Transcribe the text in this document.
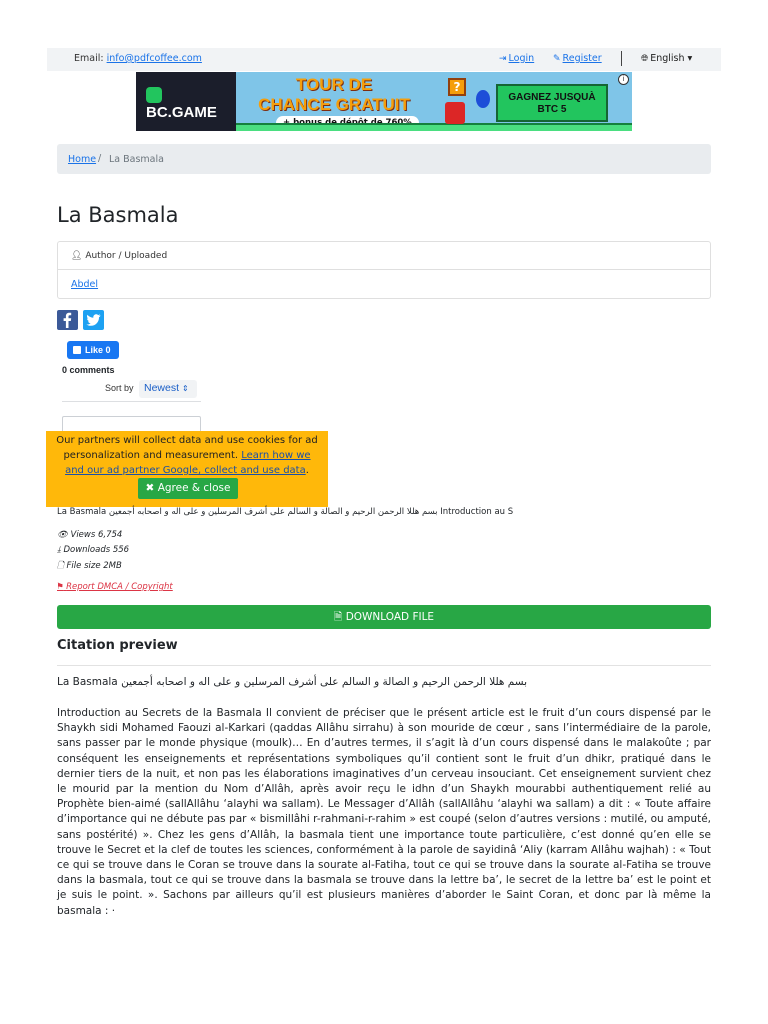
Email: info@pdfcoffee.com	⇥ Login ✎ Register	🌐︎ English ▾
BC.GAME
TOUR DE
CHANCE GRATUIT
?
GAGNEZ JUSQUÀ
BTC 5
i
Home / La Basmala
La Basmala
👤︎ Author / Uploaded
Abdel
Like 0
0 comments
Sort by Newest ⇕
Our partners will collect data and use cookies for ad personalization and measurement. Learn how we and our ad partner Google, collect and use data. ✖ Agree & close
La Basmala بسم هللا الرحمن الرحيم و الصالة و السالم على أشرف المرسلين و على اله و اصحابه أجمعين Introduction au S
👁︎ Views 6,754
⤓ Downloads 556
🗋︎ File size 2MB
⚑ Report DMCA / Copyright
🗎︎ DOWNLOAD FILE
Citation preview
La Basmala بسم هللا الرحمن الرحيم و الصالة و السالم على أشرف المرسلين و على اله و اصحابه أجمعين
Introduction au Secrets de la Basmala Il convient de préciser que le présent article est le fruit d’un cours dispensé par le Shaykh sidi Mohamed Faouzi al-Karkari (qaddas Allâhu sirrahu) à son mouride de cœur , sans l’intermédiaire de la parole, sans passer par le monde physique (moulk)… En d’autres termes, il s’agit là d’un cours dispensé dans le malakoûte ; par conséquent les enseignements et représentations symboliques qu’il contient sont le fruit d’un dhikr, pratiqué dans le dernier tiers de la nuit, et non pas les élaborations imaginatives d’un cerveau insouciant. Cet enseignement survient chez le mourid par la mention du Nom d’Allâh, après avoir reçu le idhn d’un Shaykh mourabbi authentiquement relié au Prophète bien-aimé (sallAllâhu ‘alayhi wa sallam). Le Messager d’Allâh (sallAllâhu ‘alayhi wa sallam) a dit : « Toute affaire d’importance qui ne débute pas par « bismillâhi r-rahmani-r-rahim » est coupé (selon d’autres versions : mutilé, ou amputé, sans postérité) ». Chez les gens d’Allâh, la basmala tient une importance toute particulière, c’est donné qu’en elle se trouve le Secret et la clef de toutes les sciences, conformément à la parole de sayidinâ ‘Aliy (karram Allâhu wajhah) : « Tout ce qui se trouve dans le Coran se trouve dans la sourate al-Fatiha, tout ce qui se trouve dans la sourate al-Fatiha se trouve dans la basmala, tout ce qui se trouve dans la basmala se trouve dans la lettre ba’, le secret de la lettre ba’ est le point et je suis le point. ». Sachons par ailleurs qu’il est plusieurs manières d’aborder le Saint Coran, et donc par là même la basmala : ·
